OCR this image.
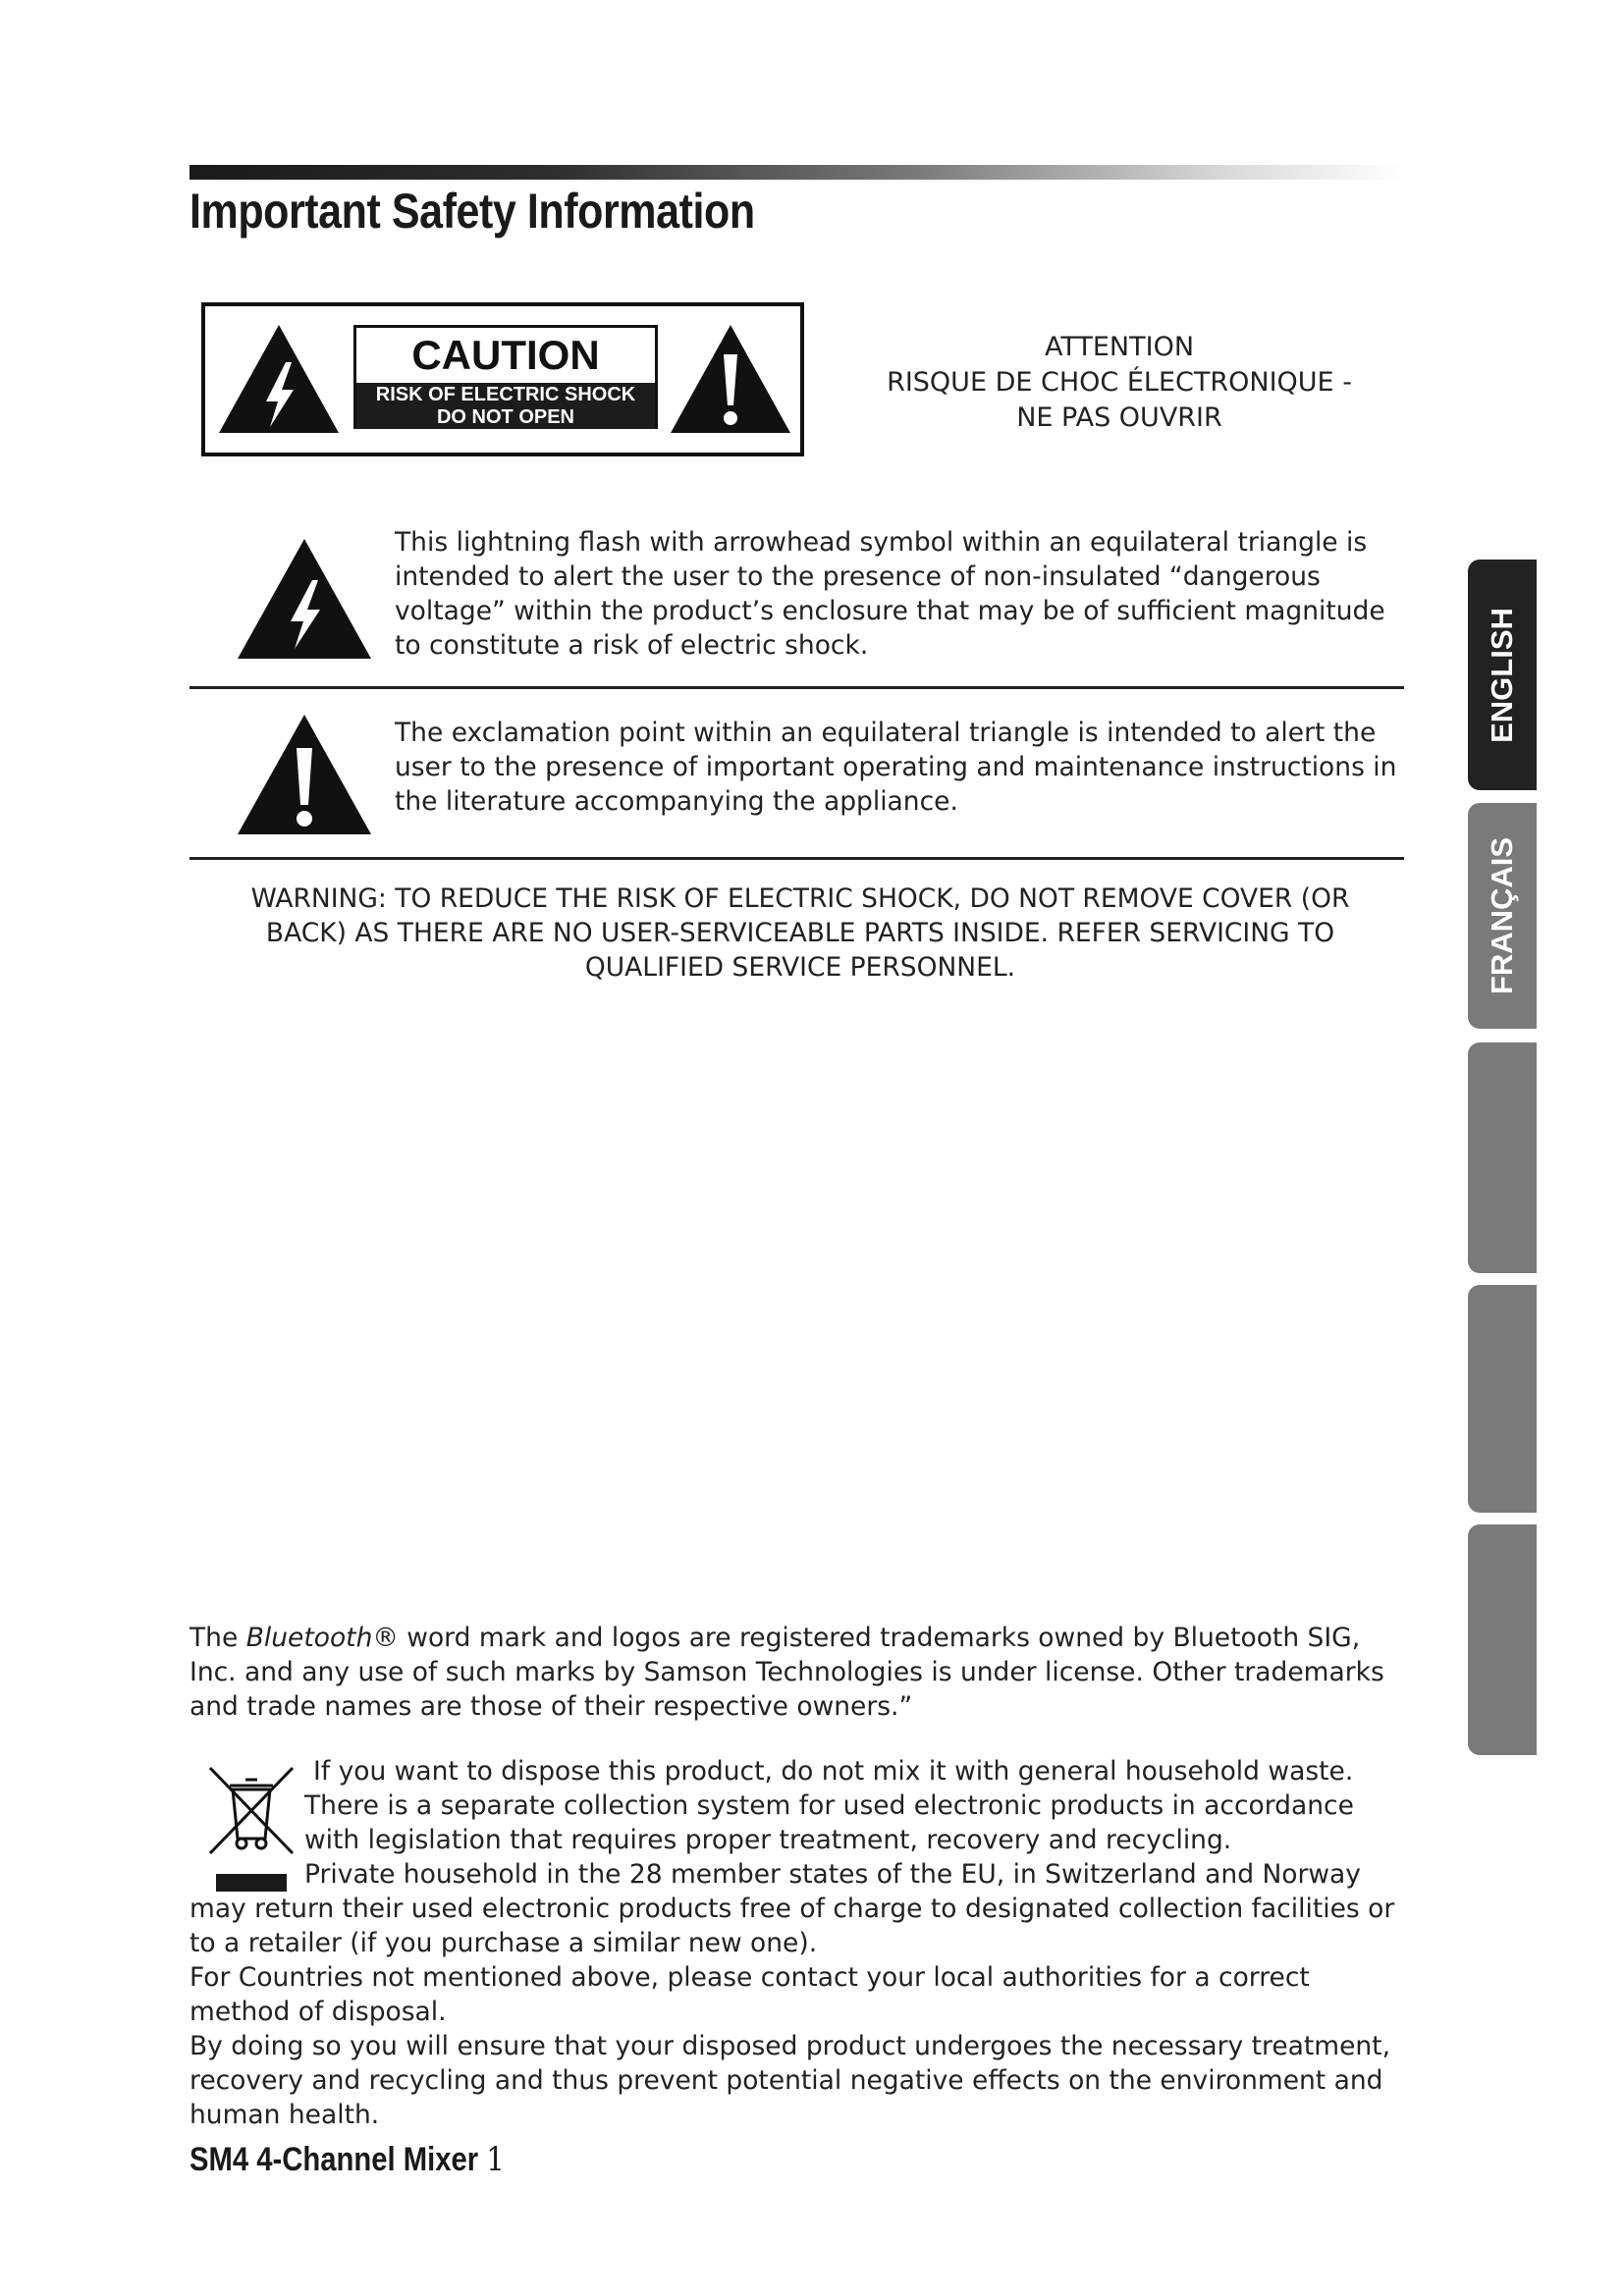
Important Safety Information
CAUTION
RISK OF ELECTRIC SHOCK
DO NOT OPEN
ATTENTION
RISQUE DE CHOC ÉLECTRONIQUE -
NE PAS OUVRIR
This lightning flash with arrowhead symbol within an equilateral triangle is intended to alert the user to the presence of non-insulated “dangerous voltage” within the product’s enclosure that may be of sufficient magnitude to constitute a risk of electric shock.
The exclamation point within an equilateral triangle is intended to alert the user to the presence of important operating and maintenance instructions in the literature accompanying the appliance.
WARNING: TO REDUCE THE RISK OF ELECTRIC SHOCK, DO NOT REMOVE COVER (OR BACK) AS THERE ARE NO USER-SERVICEABLE PARTS INSIDE. REFER SERVICING TO QUALIFIED SERVICE PERSONNEL.
The Bluetooth® word mark and logos are registered trademarks owned by Bluetooth SIG, Inc. and any use of such marks by Samson Technologies is under license. Other trademarks and trade names are those of their respective owners.”
If you want to dispose this product, do not mix it with general household waste. There is a separate collection system for used electronic products in accordance with legislation that requires proper treatment, recovery and recycling.
Private household in the 28 member states of the EU, in Switzerland and Norway may return their used electronic products free of charge to designated collection facilities or to a retailer (if you purchase a similar new one).
For Countries not mentioned above, please contact your local authorities for a correct method of disposal.
By doing so you will ensure that your disposed product undergoes the necessary treatment, recovery and recycling and thus prevent potential negative effects on the environment and human health.
SM4 4-Channel Mixer 1
ENGLISH
FRANÇAIS
